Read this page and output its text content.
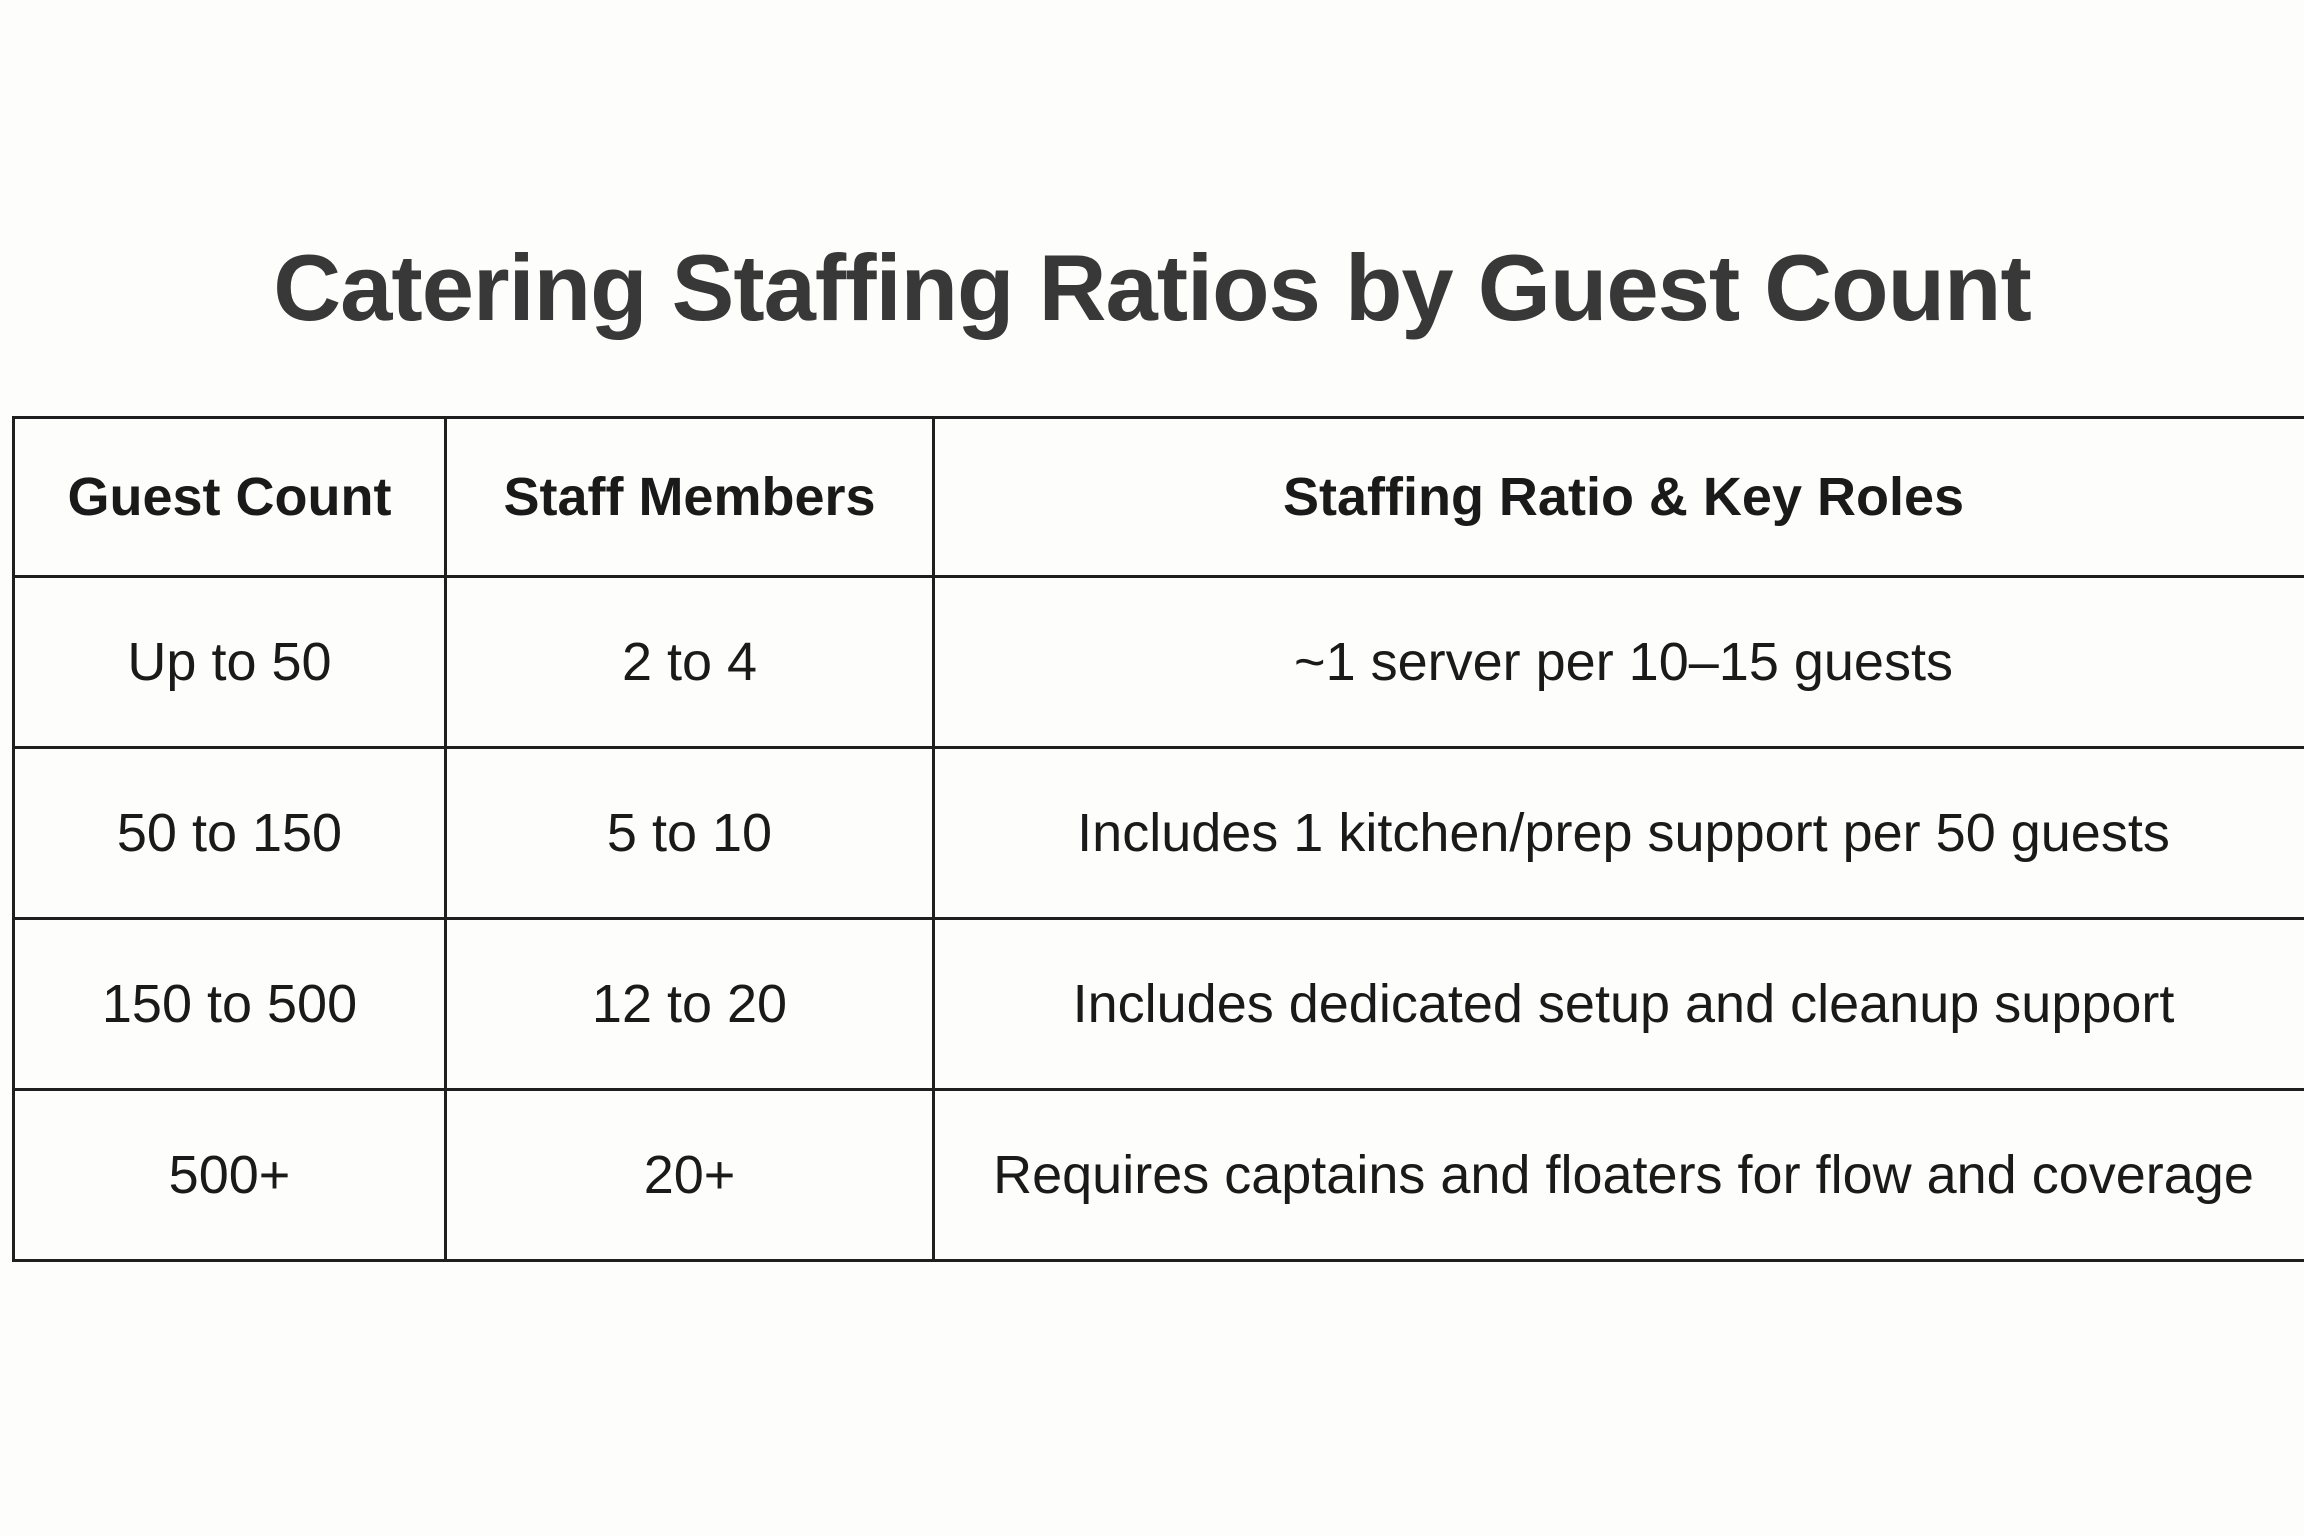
Catering Staffing Ratios by Guest Count
Guest Count	Staff Members	Staffing Ratio & Key Roles
Up to 50	2 to 4	~1 server per 10–15 guests
50 to 150	5 to 10	Includes 1 kitchen/prep support per 50 guests
150 to 500	12 to 20	Includes dedicated setup and cleanup support
500+	20+	Requires captains and floaters for flow and coverage
